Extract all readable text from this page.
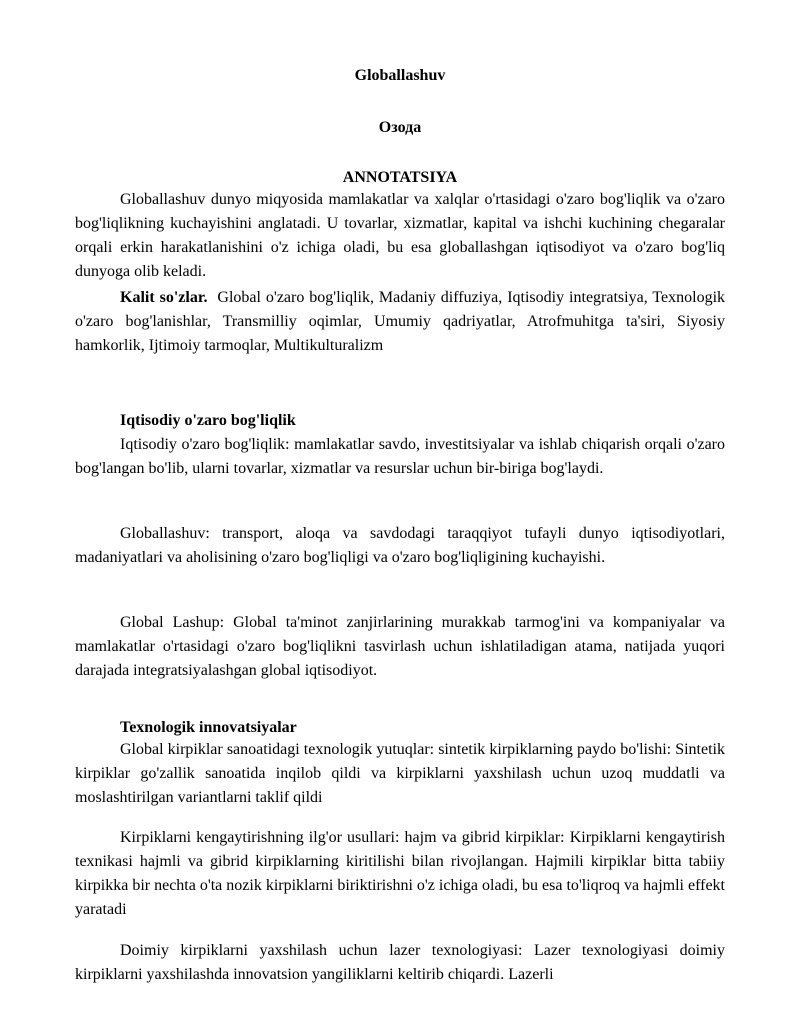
Globallashuv
Озода
ANNOTATSIYA
Globallashuv dunyo miqyosida mamlakatlar va xalqlar o'rtasidagi o'zaro bog'liqlik va o'zaro bog'liqlikning kuchayishini anglatadi. U tovarlar, xizmatlar, kapital va ishchi kuchining chegaralar orqali erkin harakatlanishini o'z ichiga oladi, bu esa globallashgan iqtisodiyot va o'zaro bog'liq dunyoga olib keladi.
Kalit so'zlar. Global o'zaro bog'liqlik, Madaniy diffuziya, Iqtisodiy integratsiya, Texnologik o'zaro bog'lanishlar, Transmilliy oqimlar, Umumiy qadriyatlar, Atrofmuhitga ta'siri, Siyosiy hamkorlik, Ijtimoiy tarmoqlar, Multikulturalizm
Iqtisodiy o'zaro bog'liqlik
Iqtisodiy o'zaro bog'liqlik: mamlakatlar savdo, investitsiyalar va ishlab chiqarish orqali o'zaro bog'langan bo'lib, ularni tovarlar, xizmatlar va resurslar uchun bir-biriga bog'laydi.
Globallashuv: transport, aloqa va savdodagi taraqqiyot tufayli dunyo iqtisodiyotlari, madaniyatlari va aholisining o'zaro bog'liqligi va o'zaro bog'liqligining kuchayishi.
Global Lashup: Global ta'minot zanjirlarining murakkab tarmog'ini va kompaniyalar va mamlakatlar o'rtasidagi o'zaro bog'liqlikni tasvirlash uchun ishlatiladigan atama, natijada yuqori darajada integratsiyalashgan global iqtisodiyot.
Texnologik innovatsiyalar
Global kirpiklar sanoatidagi texnologik yutuqlar: sintetik kirpiklarning paydo bo'lishi: Sintetik kirpiklar go'zallik sanoatida inqilob qildi va kirpiklarni yaxshilash uchun uzoq muddatli va moslashtirilgan variantlarni taklif qildi
Kirpiklarni kengaytirishning ilg'or usullari: hajm va gibrid kirpiklar: Kirpiklarni kengaytirish texnikasi hajmli va gibrid kirpiklarning kiritilishi bilan rivojlangan. Hajmili kirpiklar bitta tabiiy kirpikka bir nechta o'ta nozik kirpiklarni biriktirishni o'z ichiga oladi, bu esa to'liqroq va hajmli effekt yaratadi
Doimiy kirpiklarni yaxshilash uchun lazer texnologiyasi: Lazer texnologiyasi doimiy kirpiklarni yaxshilashda innovatsion yangiliklarni keltirib chiqardi. Lazerli
